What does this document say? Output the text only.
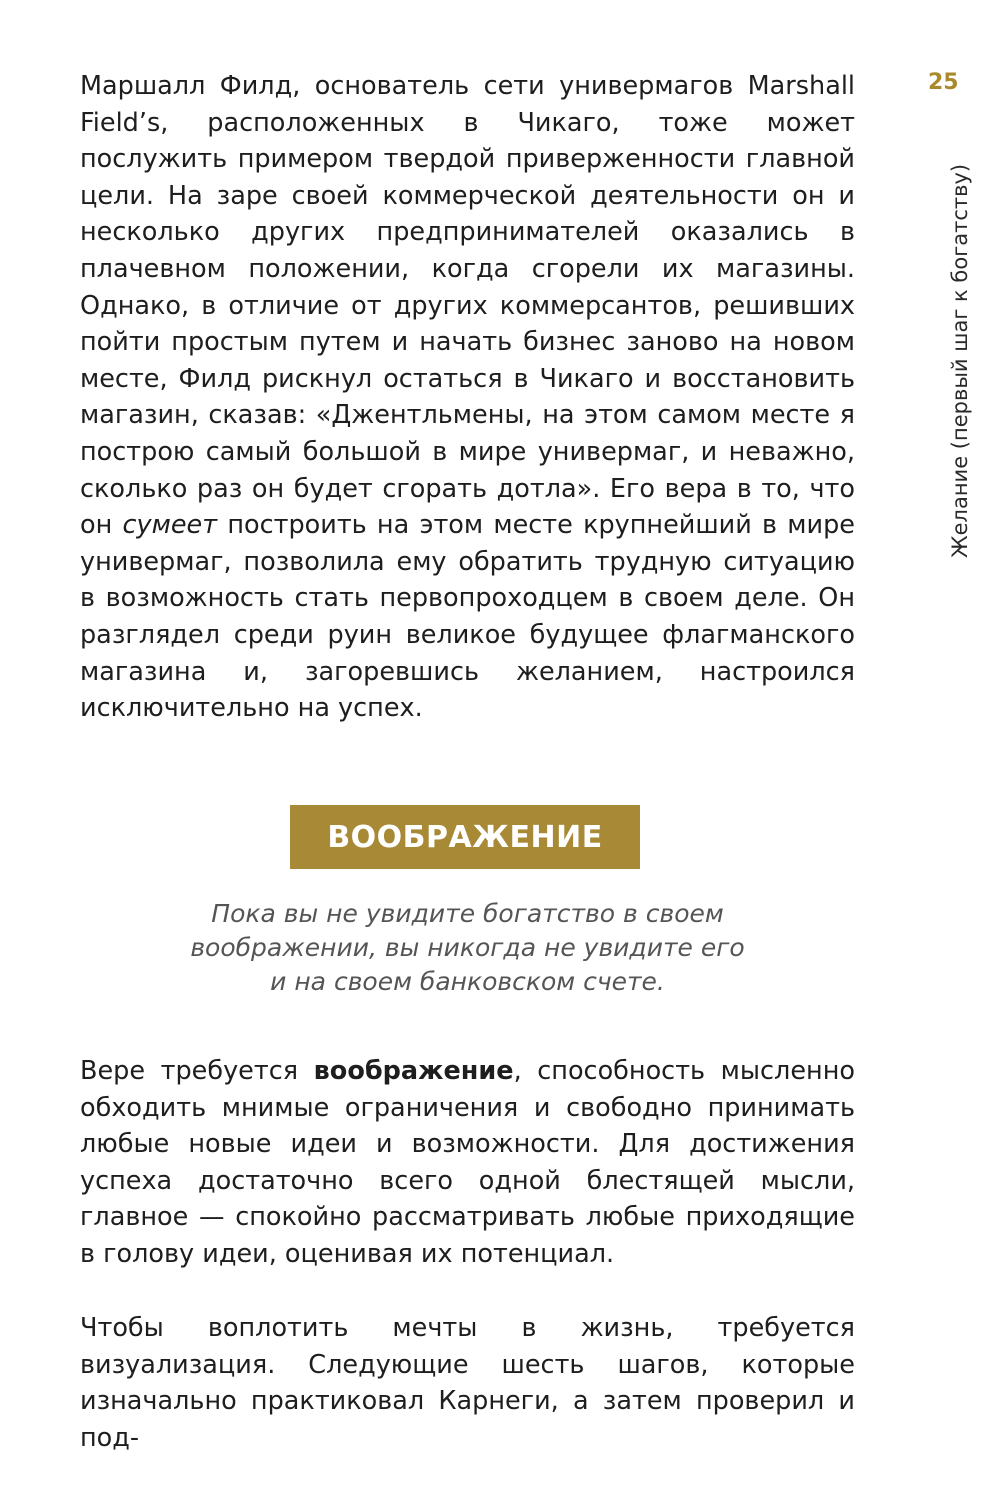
25
Желание (первый шаг к богатству)

Маршалл Филд, основатель сети универмагов Marshall Field’s, расположенных в Чикаго, тоже может послужить примером твердой приверженности главной цели. На заре своей коммерческой деятельности он и несколько других предпринимателей оказались в плачевном положении, когда сгорели их магазины. Однако, в отличие от других коммерсантов, решивших пойти простым путем и начать бизнес заново на новом месте, Филд рискнул остаться в Чикаго и восстановить магазин, сказав: «Джентльмены, на этом самом месте я построю самый большой в мире универмаг, и неважно, сколько раз он будет сгорать дотла». Его вера в то, что он сумеет построить на этом месте крупнейший в мире универмаг, позволила ему обратить трудную ситуацию в возможность стать первопроходцем в своем деле. Он разглядел среди руин великое будущее флагманского магазина и, загоревшись желанием, настроился исключительно на успех.

ВООБРАЖЕНИЕ
Пока вы не увидите богатство в своем
воображении, вы никогда не увидите его
и на своем банковском счете.

Вере требуется воображение, способность мысленно обходить мнимые ограничения и свободно принимать любые новые идеи и возможности. Для достижения успеха достаточно всего одной блестящей мысли, главное — спокойно рассматривать любые приходящие в голову идеи, оценивая их потенциал.

Чтобы воплотить мечты в жизнь, требуется визуализация. Следующие шесть шагов, которые изначально практиковал Карнеги, а затем проверил и под-
